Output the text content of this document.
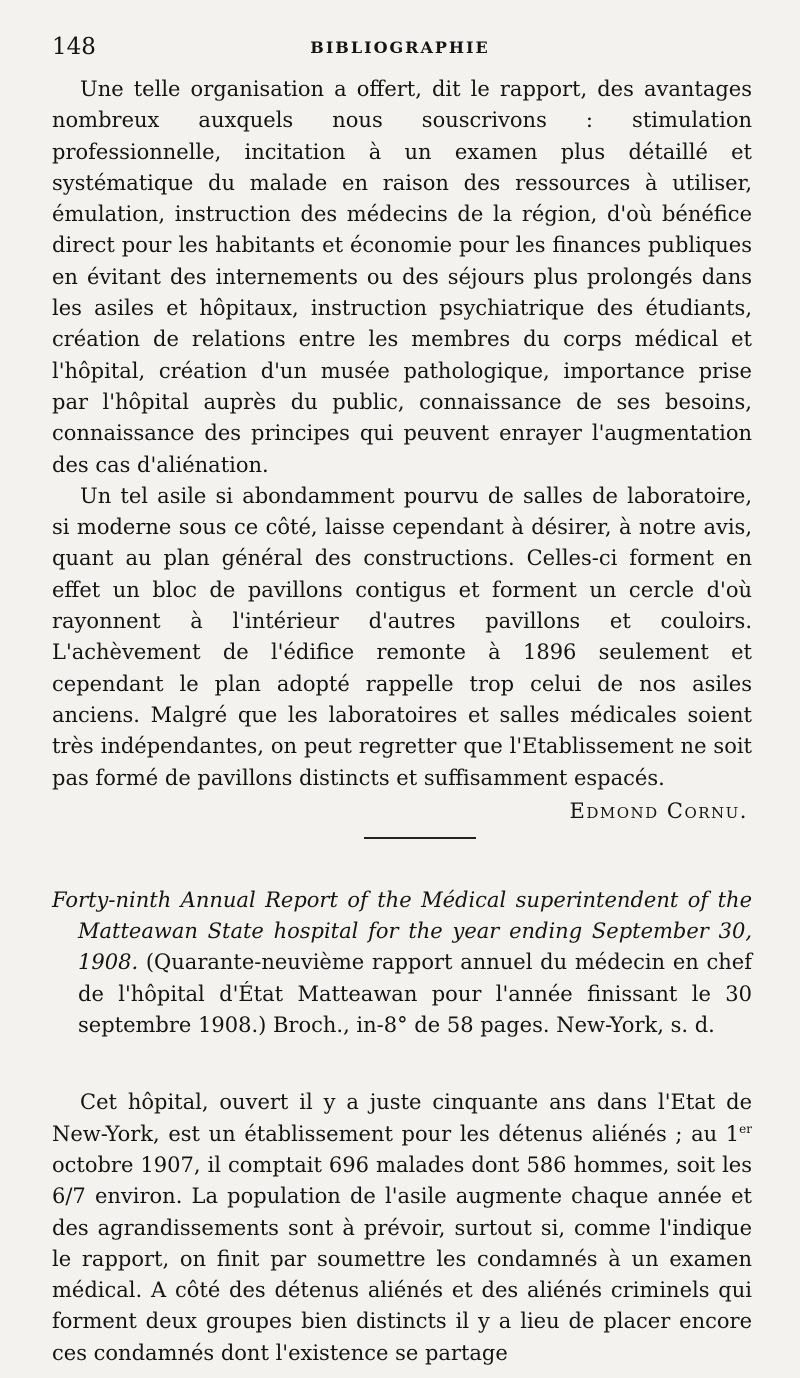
148	BIBLIOGRAPHIE

Une telle organisation a offert, dit le rapport, des avantages nombreux auxquels nous souscrivons : stimulation professionnelle, incitation à un examen plus détaillé et systématique du malade en raison des ressources à utiliser, émulation, instruction des médecins de la région, d'où bénéfice direct pour les habitants et économie pour les finances publiques en évitant des internements ou des séjours plus prolongés dans les asiles et hôpitaux, instruction psychiatrique des étudiants, création de relations entre les membres du corps médical et l'hôpital, création d'un musée pathologique, importance prise par l'hôpital auprès du public, connaissance de ses besoins, connaissance des principes qui peuvent enrayer l'augmentation des cas d'aliénation.

Un tel asile si abondamment pourvu de salles de laboratoire, si moderne sous ce côté, laisse cependant à désirer, à notre avis, quant au plan général des constructions. Celles-ci forment en effet un bloc de pavillons contigus et forment un cercle d'où rayonnent à l'intérieur d'autres pavillons et couloirs. L'achèvement de l'édifice remonte à 1896 seulement et cependant le plan adopté rappelle trop celui de nos asiles anciens. Malgré que les laboratoires et salles médicales soient très indépendantes, on peut regretter que l'Etablissement ne soit pas formé de pavillons distincts et suffisamment espacés.

Edmond Cornu.
Forty-ninth Annual Report of the Médical superintendent of the Matteawan State hospital for the year ending September 30, 1908. (Quarante-neuvième rapport annuel du médecin en chef de l'hôpital d'État Matteawan pour l'année finissant le 30 septembre 1908.) Broch., in-8° de 58 pages. New-York, s. d.

Cet hôpital, ouvert il y a juste cinquante ans dans l'Etat de New-York, est un établissement pour les détenus aliénés ; au 1er octobre 1907, il comptait 696 malades dont 586 hommes, soit les 6/7 environ. La population de l'asile augmente chaque année et des agrandissements sont à prévoir, surtout si, comme l'indique le rapport, on finit par soumettre les condamnés à un examen médical. A côté des détenus aliénés et des aliénés criminels qui forment deux groupes bien distincts il y a lieu de placer encore ces condamnés dont l'existence se partage
